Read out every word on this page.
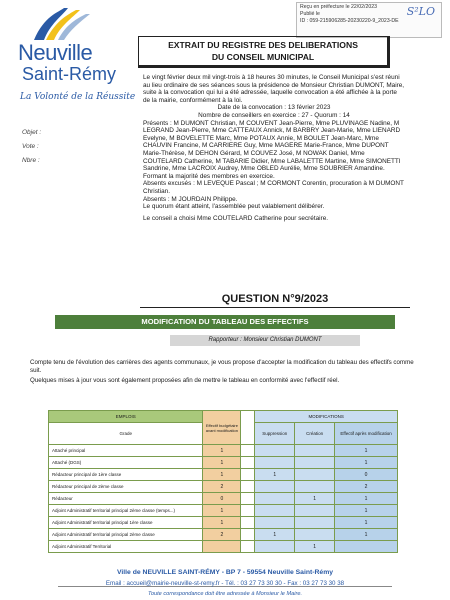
Reçu en préfecture le 22/02/2023
Publié le
ID : 059-215906285-20230220-9_2023-DE
S²LO
Neuville
Saint-Rémy
La Volonté de la Réussite
Objet :
Vote :
Nbre :
EXTRAIT DU REGISTRE DES DELIBERATIONS
DU CONSEIL MUNICIPAL

Le vingt février deux mil vingt-trois à 18 heures 30 minutes, le Conseil Municipal s'est réuni au lieu ordinaire de ses séances sous la présidence de Monsieur Christian DUMONT, Maire, suite à la convocation qui lui a été adressée, laquelle convocation a été affichée à la porte de la mairie, conformément à la loi.

Date de la convocation : 13 février 2023

Nombre de conseillers en exercice : 27 - Quorum : 14

Présents : M DUMONT Christian, M COUVENT Jean-Pierre, Mme PLUVINAGE Nadine, M LEGRAND Jean-Pierre, Mme CATTEAUX Annick, M BARBRY Jean-Marie, Mme LIENARD Evelyne, M BOVELETTE Marc, Mme POTAUX Annie, M BOULET Jean-Marc, Mme CHAUVIN Francine, M CARRIERE Guy, Mme MAGERE Marie-France, Mme DUPONT Marie-Thérèse, M DEHON Gérard, M COUVEZ José, M NOWAK Daniel, Mme COUTELARD Catherine, M TABARIE Didier, Mme LABALETTE Martine, Mme SIMONETTI Sandrine, Mme LACROIX Audrey, Mme OBLED Aurélie, Mme SOUBRIER Amandine.

Formant la majorité des membres en exercice.

Absents excusés : M LEVEQUE Pascal ; M CORMONT Corentin, procuration à M DUMONT Christian.

Absents : M JOURDAIN Philippe.

Le quorum étant atteint, l'assemblée peut valablement délibérer.

Le conseil a choisi Mme COUTELARD Catherine pour secrétaire.

QUESTION N°9/2023
MODIFICATION DU TABLEAU DES EFFECTIFS
Rapporteur : Monsieur Christian DUMONT
Compte tenu de l'évolution des carrières des agents communaux, je vous propose d'accepter la modification du tableau des effectifs comme suit.
Quelques mises à jour vous sont également proposées afin de mettre le tableau en conformité avec l'effectif réel.
EMPLOIS	Effectif budgétaire avant modification		MODIFICATIONS		
Grade			Suppression	Création	Effectif après modification
Attaché principal	1				1
Attaché (DGS)	1				1
Rédacteur principal de 1ère classe	1		1		0
Rédacteur principal de 2ème classe	2				2
Rédacteur	0			1	1
Adjoint Administratif territorial principal 2ème classe (temps...)	1				1
Adjoint Administratif territorial principal 1ère classe	1				1
Adjoint Administratif territorial principal 2ème classe	2		1		1
Adjoint Administratif Territorial				1	
Ville de NEUVILLE SAINT-RÉMY - BP 7 - 59554 Neuville Saint-Rémy
Email : accueil@mairie-neuville-st-remy.fr - Tél. : 03 27 73 30 30 - Fax : 03 27 73 30 38
Toute correspondance doit être adressée à Monsieur le Maire.
